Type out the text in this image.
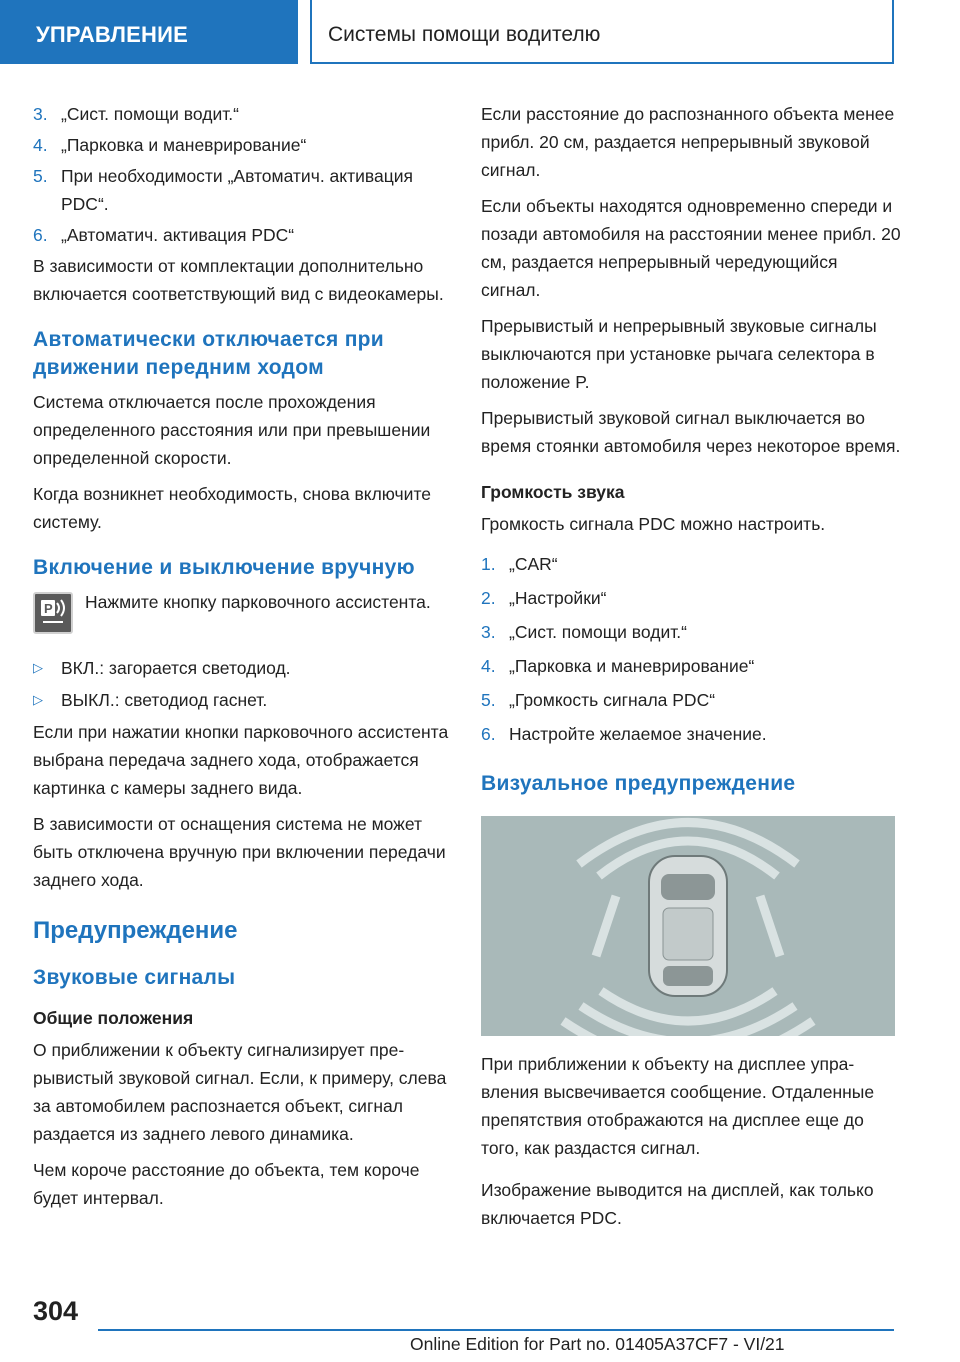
УПРАВЛЕНИЕ	Системы помощи водителю
3. „Сист. помощи водит.“
4. „Парковка и маневрирование“
5. При необходимости „Автоматич. активация PDC“.
6. „Автоматич. активация PDC“

В зависимости от комплектации дополнительно включается соответствующий вид с видеокамеры.

Автоматически отключается при движении передним ходом

Система отключается после прохождения определенного расстояния или при превышении определенной скорости.

Когда возникнет необходимость, снова включите систему.

Включение и выключение вручную
P Нажмите кнопку парковочного ассистента.

▷ ВКЛ.: загорается светодиод.
▷ ВЫКЛ.: светодиод гаснет.

Если при нажатии кнопки парковочного ассистента выбрана передача заднего хода, отображается картинка с камеры заднего вида.

В зависимости от оснащения система не может быть отключена вручную при включении передачи заднего хода.

Предупреждение
Звуковые сигналы
Общие положения

О приближении к объекту сигнализирует прерывистый звуковой сигнал. Если, к примеру, слева за автомобилем распознается объект, сигнал раздается из заднего левого динамика.

Чем короче расстояние до объекта, тем короче будет интервал.

Если расстояние до распознанного объекта менее прибл. 20 см, раздается непрерывный звуковой сигнал.

Если объекты находятся одновременно спереди и позади автомобиля на расстоянии менее прибл. 20 см, раздается непрерывный чередующийся сигнал.

Прерывистый и непрерывный звуковые сигналы выключаются при установке рычага селектора в положение P.

Прерывистый звуковой сигнал выключается во время стоянки автомобиля через некоторое время.

Громкость звука

Громкость сигнала PDC можно настроить.

1. „CAR“
2. „Настройки“
3. „Сист. помощи водит.“
4. „Парковка и маневрирование“
5. „Громкость сигнала PDC“
6. Настройте желаемое значение.
Визуальное предупреждение

При приближении к объекту на дисплее управления высвечивается сообщение. Отдаленные препятствия отображаются на дисплее еще до того, как раздастся сигнал.

Изображение выводится на дисплей, как только включается PDC.

304
Online Edition for Part no. 01405A37CF7 - VI/21
